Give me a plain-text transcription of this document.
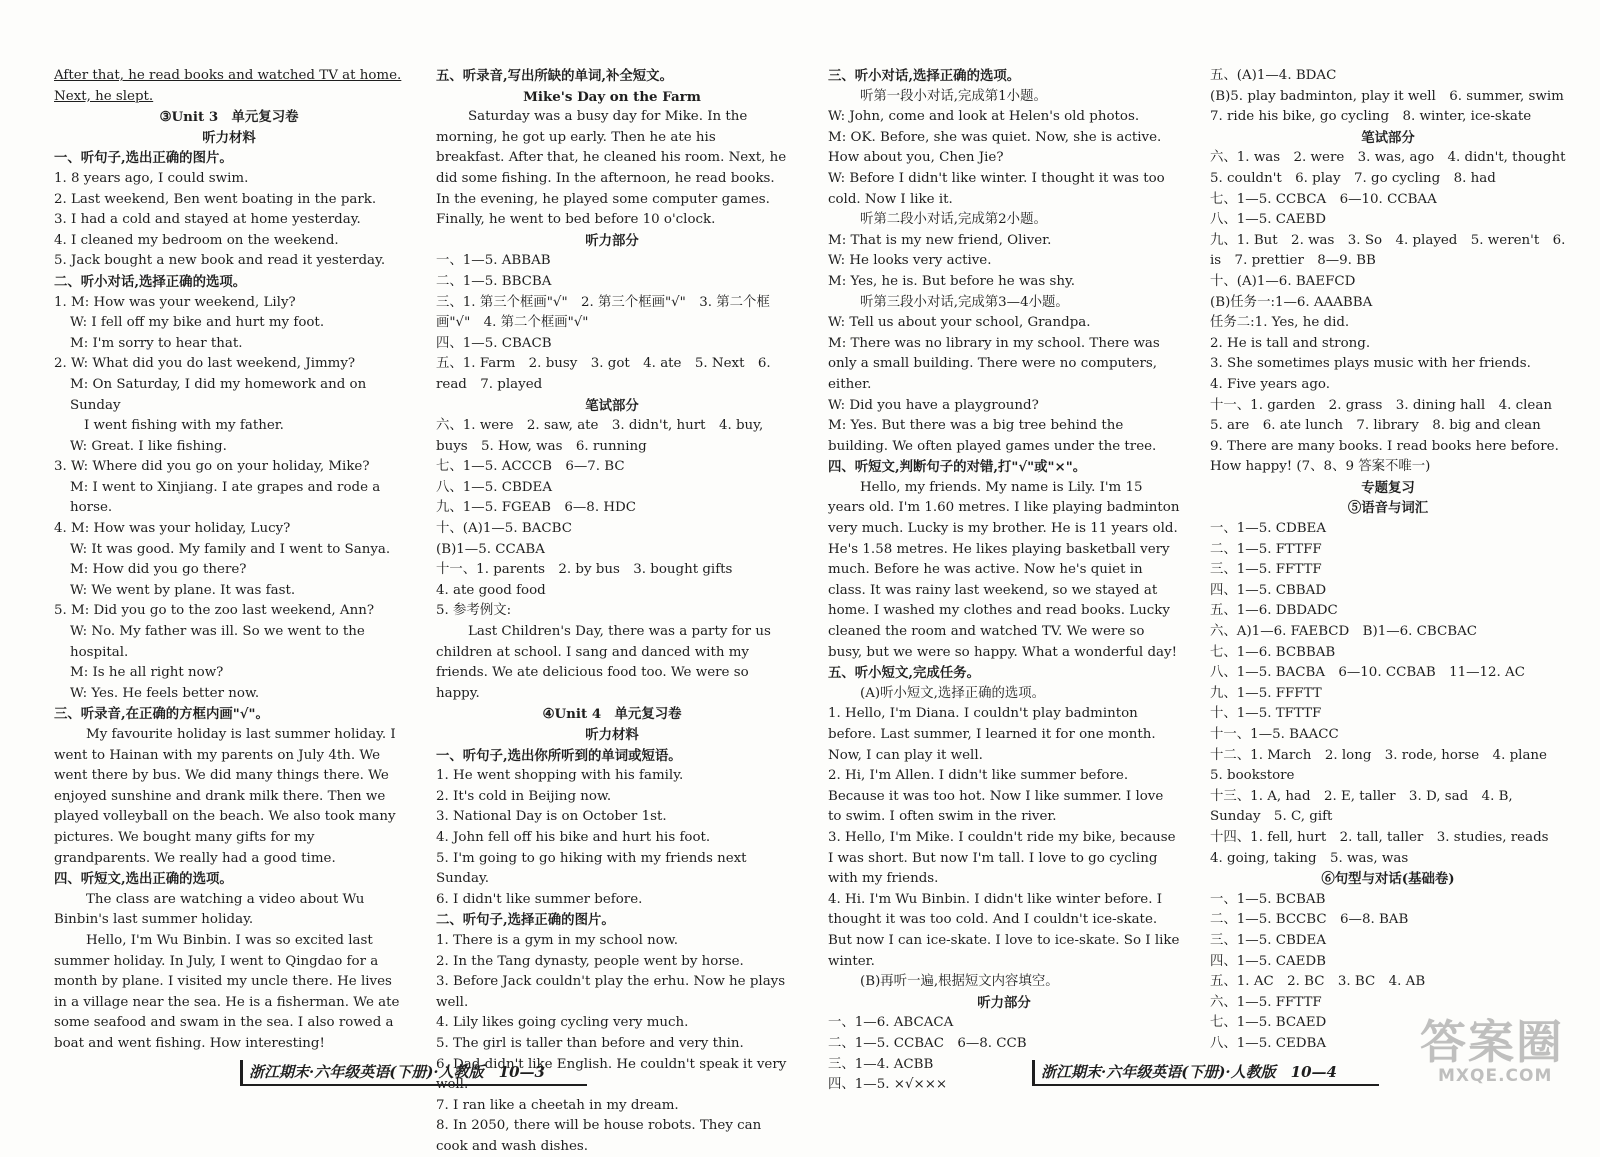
After that, he read books and watched TV at home.
Next, he slept.
③Unit 3　单元复习卷
听力材料
一、听句子,选出正确的图片。
1. 8 years ago, I could swim.
2. Last weekend, Ben went boating in the park.
3. I had a cold and stayed at home yesterday.
4. I cleaned my bedroom on the weekend.
5. Jack bought a new book and read it yesterday.
二、听小对话,选择正确的选项。
1. M: How was your weekend, Lily?
W: I fell off my bike and hurt my foot.
M: I'm sorry to hear that.
2. W: What did you do last weekend, Jimmy?
M: On Saturday, I did my homework and on Sunday
I went fishing with my father.
W: Great. I like fishing.
3. W: Where did you go on your holiday, Mike?
M: I went to Xinjiang. I ate grapes and rode a horse.
4. M: How was your holiday, Lucy?
W: It was good. My family and I went to Sanya.
M: How did you go there?
W: We went by plane. It was fast.
5. M: Did you go to the zoo last weekend, Ann?
W: No. My father was ill. So we went to the hospital.
M: Is he all right now?
W: Yes. He feels better now.
三、听录音,在正确的方框内画"√"。
My favourite holiday is last summer holiday. I went to Hainan with my parents on July 4th. We went there by bus. We did many things there. We enjoyed sunshine and drank milk there. Then we played volleyball on the beach. We also took many pictures. We bought many gifts for my grandparents. We really had a good time.
四、听短文,选出正确的选项。
The class are watching a video about Wu Binbin's last summer holiday.
Hello, I'm Wu Binbin. I was so excited last summer holiday. In July, I went to Qingdao for a month by plane. I visited my uncle there. He lives in a village near the sea. He is a fisherman. We ate some seafood and swam in the sea. I also rowed a boat and went fishing. How interesting!
五、听录音,写出所缺的单词,补全短文。
Mike's Day on the Farm
Saturday was a busy day for Mike. In the morning, he got up early. Then he ate his breakfast. After that, he cleaned his room. Next, he did some fishing. In the afternoon, he read books. In the evening, he played some computer games. Finally, he went to bed before 10 o'clock.
听力部分
一、1—5. ABBAB
二、1—5. BBCBA
三、1. 第三个框画"√"　2. 第三个框画"√"　3. 第二个框画"√"　4. 第二个框画"√"
四、1—5. CBACB
五、1. Farm　2. busy　3. got　4. ate　5. Next　6. read　7. played
笔试部分
六、1. were　2. saw, ate　3. didn't, hurt　4. buy, buys　5. How, was　6. running
七、1—5. ACCCB　6—7. BC
八、1—5. CBDEA
九、1—5. FGEAB　6—8. HDC
十、(A)1—5. BACBC
(B)1—5. CCABA
十一、1. parents　2. by bus　3. bought gifts
4. ate good food
5. 参考例文:
Last Children's Day, there was a party for us children at school. I sang and danced with my friends. We ate delicious food too. We were so happy.
④Unit 4　单元复习卷
听力材料
一、听句子,选出你所听到的单词或短语。
1. He went shopping with his family.
2. It's cold in Beijing now.
3. National Day is on October 1st.
4. John fell off his bike and hurt his foot.
5. I'm going to go hiking with my friends next Sunday.
6. I didn't like summer before.
二、听句子,选择正确的图片。
1. There is a gym in my school now.
2. In the Tang dynasty, people went by horse.
3. Before Jack couldn't play the erhu. Now he plays well.
4. Lily likes going cycling very much.
5. The girl is taller than before and very thin.
6. Dad didn't like English. He couldn't speak it very well.
7. I ran like a cheetah in my dream.
8. In 2050, there will be house robots. They can cook and wash dishes.
三、听小对话,选择正确的选项。
听第一段小对话,完成第1小题。
W: John, come and look at Helen's old photos.
M: OK. Before, she was quiet. Now, she is active. How about you, Chen Jie?
W: Before I didn't like winter. I thought it was too cold. Now I like it.
听第二段小对话,完成第2小题。
M: That is my new friend, Oliver.
W: He looks very active.
M: Yes, he is. But before he was shy.
听第三段小对话,完成第3—4小题。
W: Tell us about your school, Grandpa.
M: There was no library in my school. There was only a small building. There were no computers, either.
W: Did you have a playground?
M: Yes. But there was a big tree behind the building. We often played games under the tree.
四、听短文,判断句子的对错,打"√"或"×"。
Hello, my friends. My name is Lily. I'm 15 years old. I'm 1.60 metres. I like playing badminton very much. Lucky is my brother. He is 11 years old. He's 1.58 metres. He likes playing basketball very much. Before he was active. Now he's quiet in class. It was rainy last weekend, so we stayed at home. I washed my clothes and read books. Lucky cleaned the room and watched TV. We were so busy, but we were so happy. What a wonderful day!
五、听小短文,完成任务。
(A)听小短文,选择正确的选项。
1. Hello, I'm Diana. I couldn't play badminton before. Last summer, I learned it for one month. Now, I can play it well.
2. Hi, I'm Allen. I didn't like summer before. Because it was too hot. Now I like summer. I love to swim. I often swim in the river.
3. Hello, I'm Mike. I couldn't ride my bike, because I was short. But now I'm tall. I love to go cycling with my friends.
4. Hi. I'm Wu Binbin. I didn't like winter before. I thought it was too cold. And I couldn't ice-skate. But now I can ice-skate. I love to ice-skate. So I like winter.
(B)再听一遍,根据短文内容填空。
听力部分
一、1—6. ABCACA
二、1—5. CCBAC　6—8. CCB
三、1—4. ACBB
四、1—5. ×√×××
五、(A)1—4. BDAC
(B)5. play badminton, play it well　6. summer, swim　7. ride his bike, go cycling　8. winter, ice-skate
笔试部分
六、1. was　2. were　3. was, ago　4. didn't, thought　5. couldn't　6. play　7. go cycling　8. had
七、1—5. CCBCA　6—10. CCBAA
八、1—5. CAEBD
九、1. But　2. was　3. So　4. played　5. weren't　6. is　7. prettier　8—9. BB
十、(A)1—6. BAEFCD
(B)任务一:1—6. AAABBA
任务二:1. Yes, he did.
2. He is tall and strong.
3. She sometimes plays music with her friends.
4. Five years ago.
十一、1. garden　2. grass　3. dining hall　4. clean　5. are　6. ate lunch　7. library　8. big and clean
9. There are many books. I read books here before. How happy! (7、8、9 答案不唯一)
专题复习
⑤语音与词汇
一、1—5. CDBEA
二、1—5. FTTFF
三、1—5. FFTTF
四、1—5. CBBAD
五、1—6. DBDADC
六、A)1—6. FAEBCD　B)1—6. CBCBAC
七、1—6. BCBBAB
八、1—5. BACBA　6—10. CCBAB　11—12. AC
九、1—5. FFFTT
十、1—5. TFTTF
十一、1—5. BAACC
十二、1. March　2. long　3. rode, horse　4. plane　5. bookstore
十三、1. A, had　2. E, taller　3. D, sad　4. B, Sunday　5. C, gift
十四、1. fell, hurt　2. tall, taller　3. studies, reads　4. going, taking　5. was, was
⑥句型与对话(基础卷)
一、1—5. BCBAB
二、1—5. BCCBC　6—8. BAB
三、1—5. CBDEA
四、1—5. CAEDB
五、1. AC　2. BC　3. BC　4. AB
六、1—5. FFTTF
七、1—5. BCAED
八、1—5. CEDBA
浙江期末·六年级英语(下册)·人教版　10—3	浙江期末·六年级英语(下册)·人教版　10—4
答案圈
MXQE.COM
